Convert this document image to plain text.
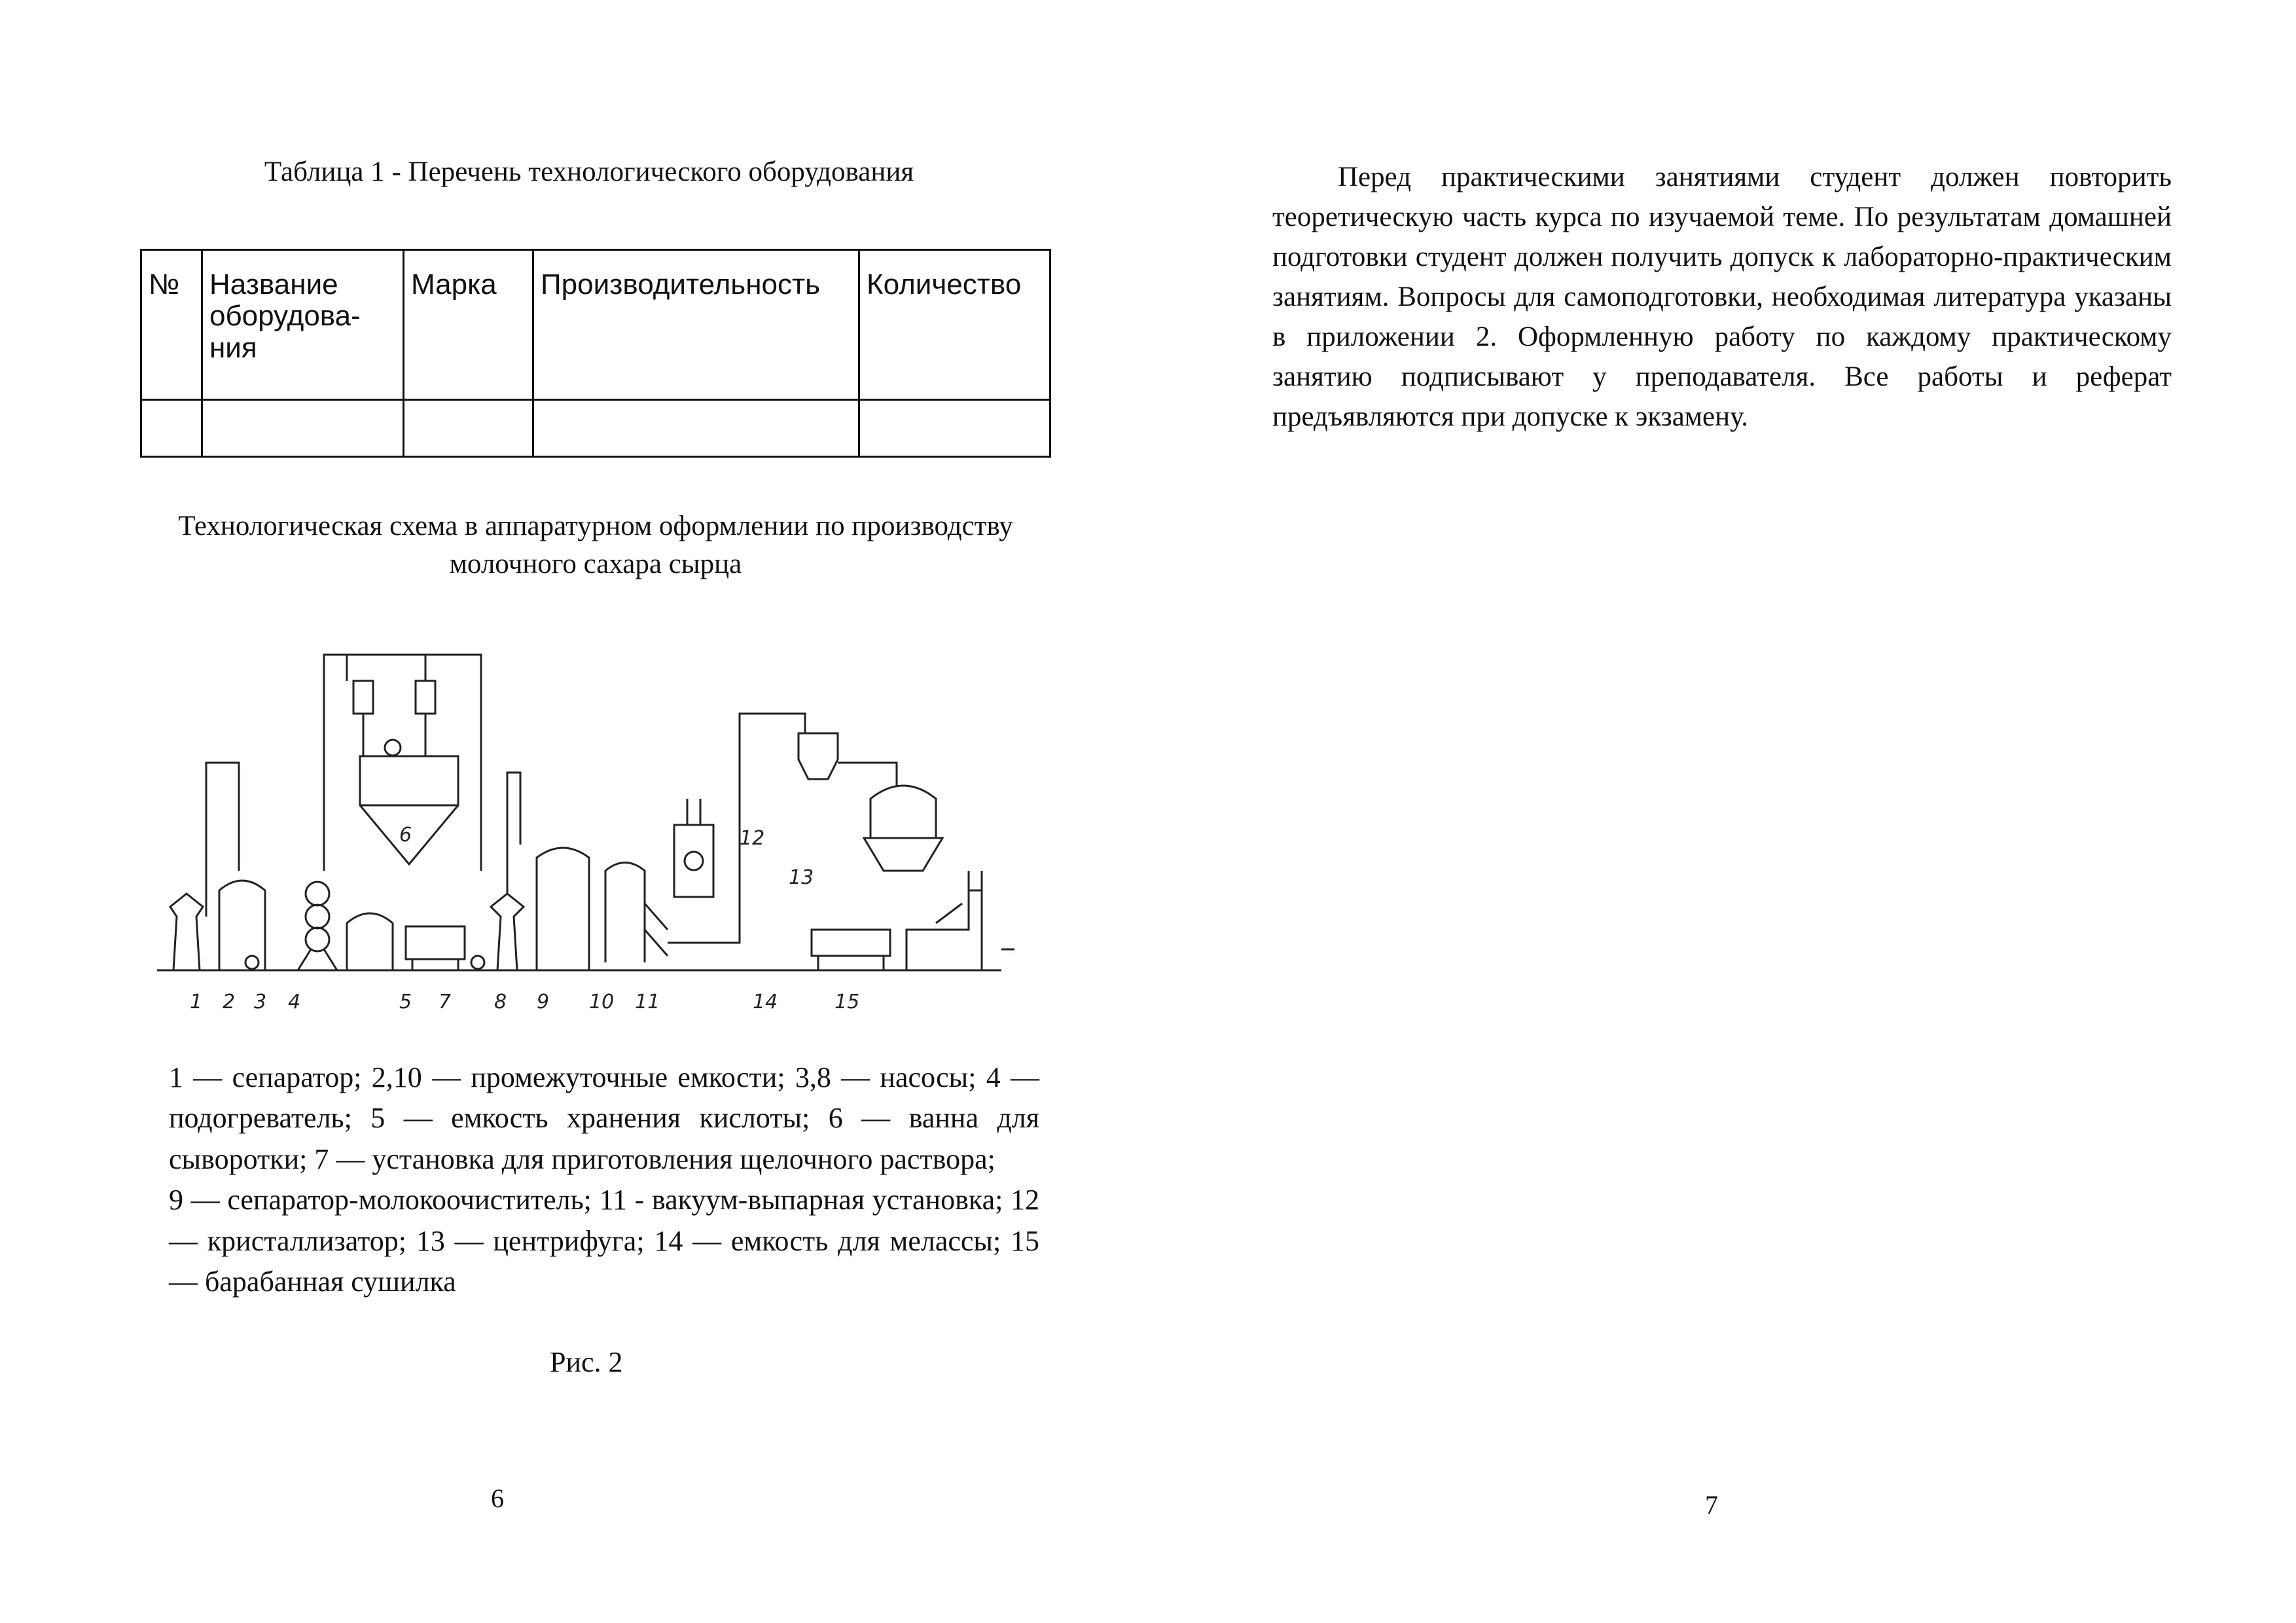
Таблица 1 - Перечень технологического оборудования
№	Название оборудова-ния	Марка	Производительность	Количество

Технологическая схема в аппаратурном оформлении по производству молочного сахара сырца
1 2 3 4	5
6
7 8 9 10 11
12
13
14	15

1 — сепаратор; 2,10 — промежуточные емкости; 3,8 — насосы; 4 — подогреватель; 5 — емкость хранения кислоты; 6 — ванна для сыворотки; 7 — установка для приготовления щелочного раствора;

9 — сепаратор-молокоочиститель; 11 - вакуум-выпарная установка; 12— кристаллизатор; 13 — центрифуга; 14 — емкость для мелассы; 15 — барабанная сушилка

Рис. 2
6
Перед практическими занятиями студент должен повторить теоретическую часть курса по изучаемой теме. По результатам домашней подготовки студент должен получить допуск к лабораторно-практическим занятиям. Вопросы для самоподготовки, необходимая литература указаны в приложении 2. Оформленную работу по каждому практическому занятию подписывают у преподавателя. Все работы и реферат предъявляются при допуске к экзамену.
7
